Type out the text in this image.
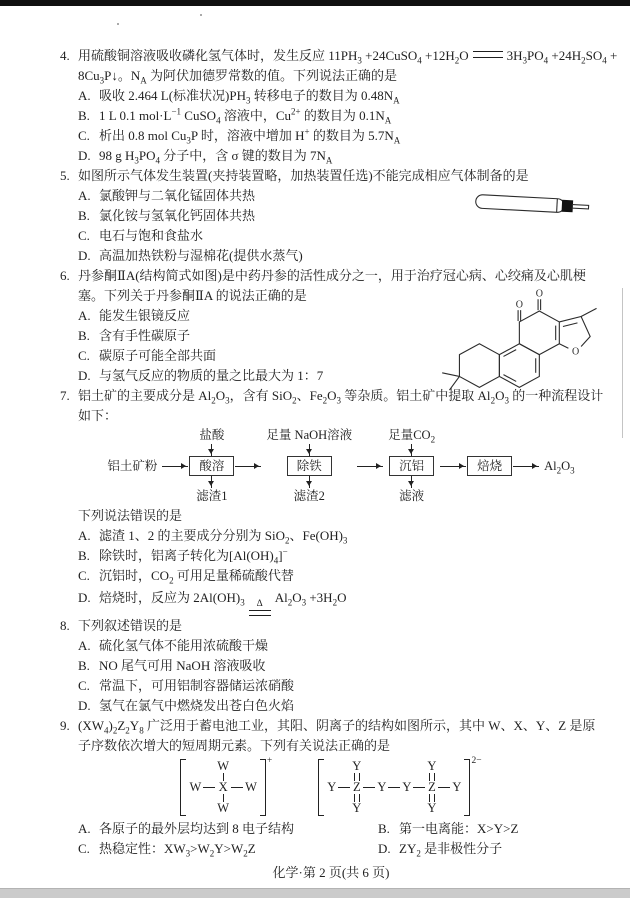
4. 用硫酸铜溶液吸收磷化氢气体时，发生反应 $11PH_3$ +24CuSO$_4$ $+12H_2O$	$3H_3PO_4 +24H_2SO_4$ +
$8Cu_3P↓$。$N_A$ 为阿伏加德罗常数的值。下列说法正确的是
A. 吸收 2.464 L(标准状况)$PH_3$ 转移电子的数目为 $0.48N_A$
B. 1 L 0.1 $mol\cdot L^{-1}$ CuSO$_4$ 溶液中，$Cu^{2+}$ 的数目为 $0.1N_A$
C. 析出 0.8 mol $Cu_3P$ 时，溶液中增加 H+ 的数目为 $5.7N_A$
D. 98 g $H_3PO_4$ 分子中，含 σ 键的数目为 $7N_A$
5. 如图所示气体发生装置(夹持装置略，加热装置任选)不能完成相应气体制备的是
A. 氯酸钾与二氧化锰固体共热
B. 氯化铵与氢氧化钙固体共热
C. 电石与饱和食盐水
D. 高温加热铁粉与湿棉花(提供水蒸气)
6. 丹参酮ⅡA(结构简式如图)是中药丹参的活性成分之一，用于治疗冠心病、心绞痛及心肌梗
塞。下列关于丹参酮ⅡA 的说法正确的是
A. 能发生银镜反应
B. 含有手性碳原子
C. 碳原子可能全部共面
D. 与氢气反应的物质的量之比最大为 1：7
O
O
O
7. 铝土矿的主要成分是 $Al_2O_3$，含有 SiO$_2$、$Fe_2O_3$ 等杂质。铝土矿中提取 $Al_2O_3$ 的一种流程设计
如下：
盐酸	足量 NaOH溶液	足量$CO_2$
铝土矿粉	酸溶	除铁	沉铝	焙烧	$Al_2O_3$
滤渣1	滤渣2	滤液
下列说法错误的是
A. 滤渣 1、2 的主要成分分别为 SiO$_2$、$Fe(OH)_3$
B. 除铁时，铝离子转化为$[Al(OH)_4]^-$
C. 沉铝时，$CO_2$ 可用足量稀硫酸代替
D. 焙烧时，反应为 $2Al(OH)_3$ Δ $Al_2O_3 +3H_2O$
8. 下列叙述错误的是
A. 硫化氢气体不能用浓硫酸干燥
B. NO 尾气可用 NaOH 溶液吸收
C. 常温下，可用铝制容器储运浓硝酸
D. 氢气在氯气中燃烧发出苍白色火焰
9. $(XW_4)_2Z_2Y_8$ 广泛用于蓄电池工业，其阳、阴离子的结构如图所示，其中 W、X、Y、Z 是原
子序数依次增大的短周期元素。下列有关说法正确的是
W
W X W
W
+	Y	Y
Y Z Y Y Z Y
Y	Y
2−
A. 各原子的最外层均达到 8 电子结构	B. 第一电离能：X>Y>Z
C. 热稳定性：$XW_3>W_2Y>W_2Z$	D. $ZY_2$ 是非极性分子
化学·第 2 页(共 6 页)
